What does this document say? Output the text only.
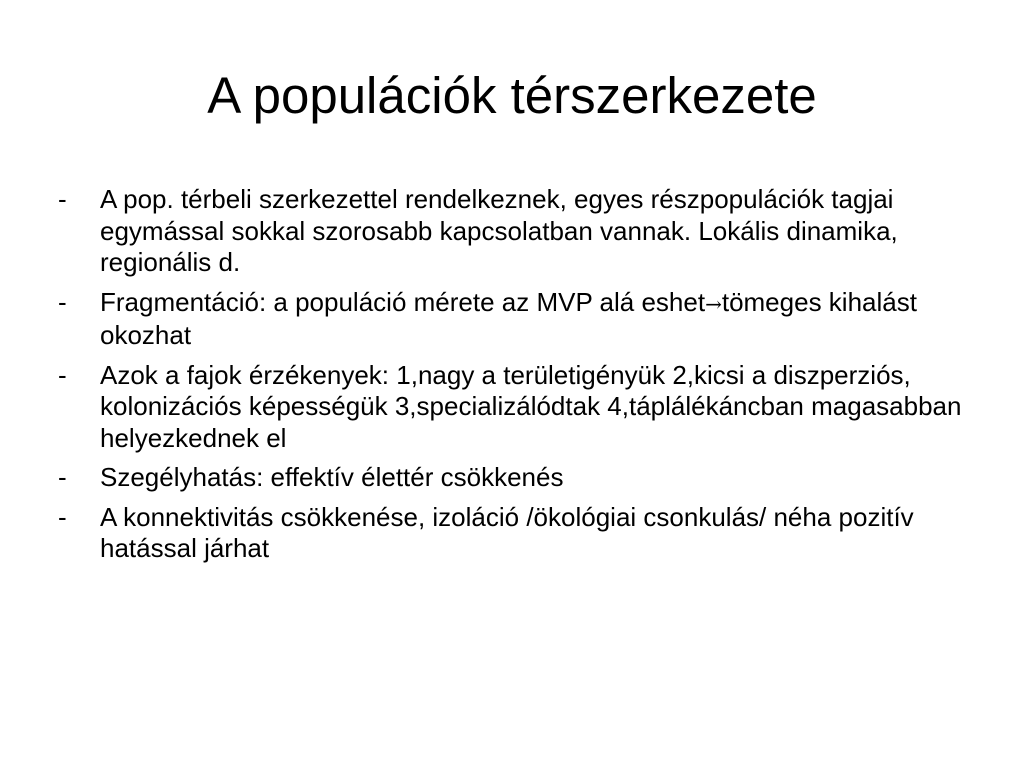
A populációk térszerkezete
-	A pop. térbeli szerkezettel rendelkeznek, egyes részpopulációk tagjai egymással sokkal szorosabb kapcsolatban vannak. Lokális dinamika, regionális d.
-	Fragmentáció: a populáció mérete az MVP alá eshet→tömeges kihalást okozhat
-	Azok a fajok érzékenyek: 1,nagy a területigényük 2,kicsi a diszperziós, kolonizációs képességük 3,specializálódtak 4,táplálékáncban magasabban helyezkednek el
-	Szegélyhatás: effektív élettér csökkenés
-	A konnektivitás csökkenése, izoláció /ökológiai csonkulás/ néha pozitív hatással járhat
